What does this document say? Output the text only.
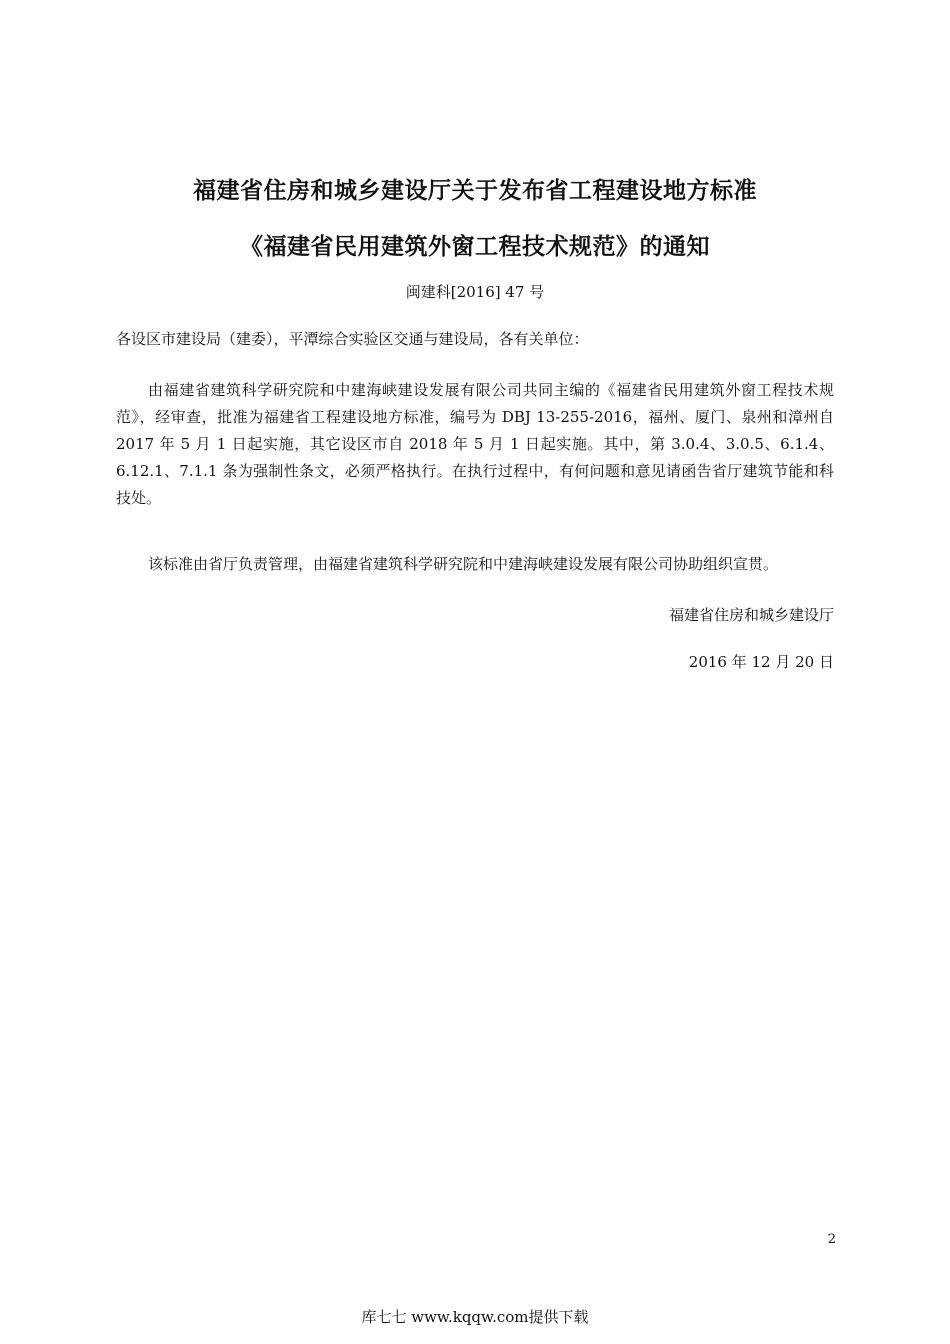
福建省住房和城乡建设厅关于发布省工程建设地方标准
《福建省民用建筑外窗工程技术规范》的通知
闽建科[2016] 47 号
各设区市建设局（建委），平潭综合实验区交通与建设局，各有关单位：
由福建省建筑科学研究院和中建海峡建设发展有限公司共同主编的《福建省民用建筑外窗工程技术规范》，经审查，批准为福建省工程建设地方标准，编号为 DBJ 13-255-2016，福州、厦门、泉州和漳州自 2017 年 5 月 1 日起实施，其它设区市自 2018 年 5 月 1 日起实施。其中，第 3.0.4、3.0.5、6.1.4、6.12.1、7.1.1 条为强制性条文，必须严格执行。在执行过程中，有何问题和意见请函告省厅建筑节能和科技处。
该标准由省厅负责管理，由福建省建筑科学研究院和中建海峡建设发展有限公司协助组织宣贯。
福建省住房和城乡建设厅
2016 年 12 月 20 日
2
库七七 www.kqqw.com提供下载
